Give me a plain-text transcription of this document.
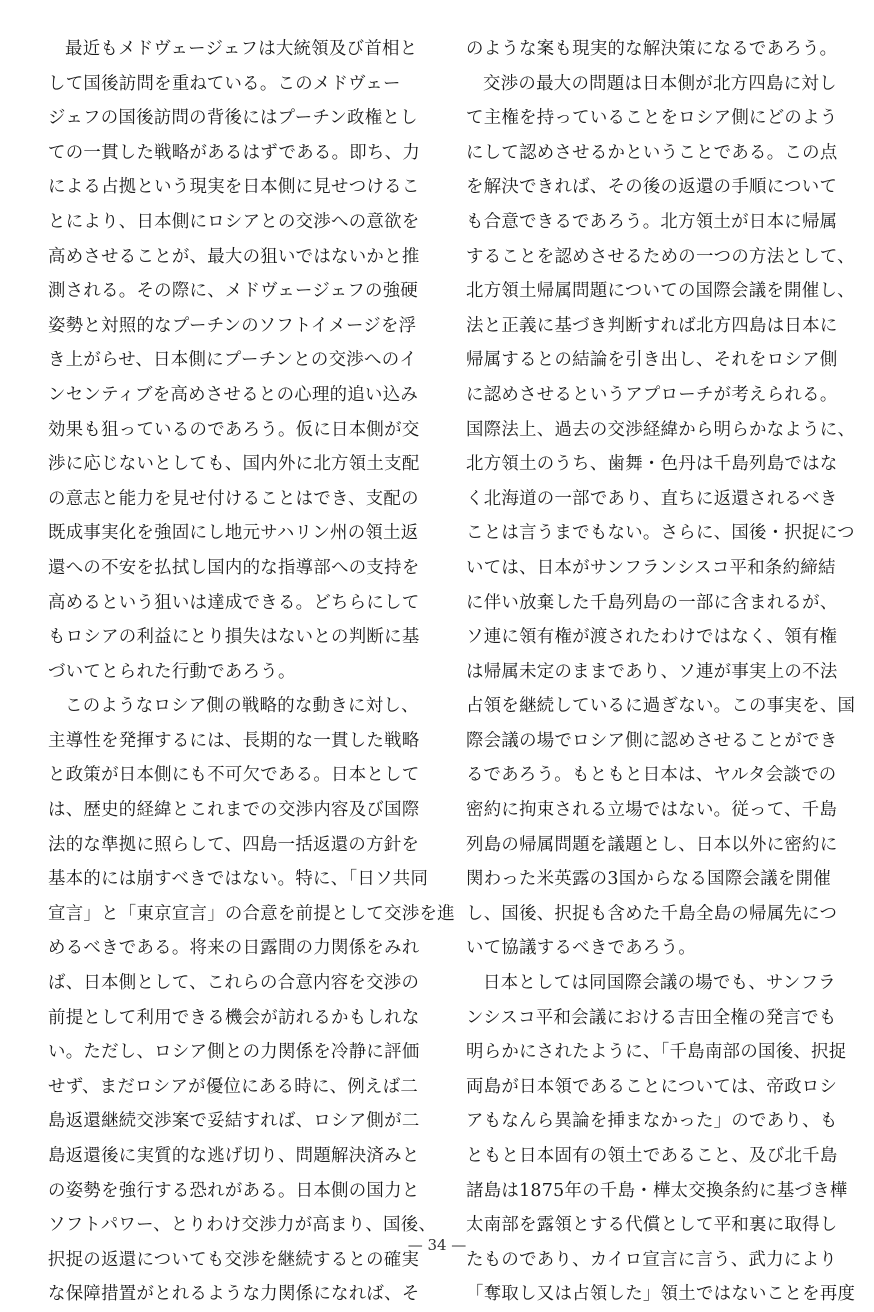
最近もメドヴェージェフは大統領及び首相と
して国後訪問を重ねている。このメドヴェー
ジェフの国後訪問の背後にはプーチン政権とし
ての一貫した戦略があるはずである。即ち、力
による占拠という現実を日本側に見せつけるこ
とにより、日本側にロシアとの交渉への意欲を
高めさせることが、最大の狙いではないかと推
測される。その際に、メドヴェージェフの強硬
姿勢と対照的なプーチンのソフトイメージを浮
き上がらせ、日本側にプーチンとの交渉へのイ
ンセンティブを高めさせるとの心理的追い込み
効果も狙っているのであろう。仮に日本側が交
渉に応じないとしても、国内外に北方領土支配
の意志と能力を見せ付けることはでき、支配の
既成事実化を強固にし地元サハリン州の領土返
還への不安を払拭し国内的な指導部への支持を
高めるという狙いは達成できる。どちらにして
もロシアの利益にとり損失はないとの判断に基
づいてとられた行動であろう。
このようなロシア側の戦略的な動きに対し、
主導性を発揮するには、長期的な一貫した戦略
と政策が日本側にも不可欠である。日本として
は、歴史的経緯とこれまでの交渉内容及び国際
法的な準拠に照らして、四島一括返還の方針を
基本的には崩すべきではない。特に、「日ソ共同
宣言」と「東京宣言」の合意を前提として交渉を進
めるべきである。将来の日露間の力関係をみれ
ば、日本側として、これらの合意内容を交渉の
前提として利用できる機会が訪れるかもしれな
い。ただし、ロシア側との力関係を冷静に評価
せず、まだロシアが優位にある時に、例えば二
島返還継続交渉案で妥結すれば、ロシア側が二
島返還後に実質的な逃げ切り、問題解決済みと
の姿勢を強行する恐れがある。日本側の国力と
ソフトパワー、とりわけ交渉力が高まり、国後、
択捉の返還についても交渉を継続するとの確実
な保障措置がとれるような力関係になれば、そ
のような案も現実的な解決策になるであろう。
交渉の最大の問題は日本側が北方四島に対し
て主権を持っていることをロシア側にどのよう
にして認めさせるかということである。この点
を解決できれば、その後の返還の手順について
も合意できるであろう。北方領土が日本に帰属
することを認めさせるための一つの方法として、
北方領土帰属問題についての国際会議を開催し、
法と正義に基づき判断すれば北方四島は日本に
帰属するとの結論を引き出し、それをロシア側
に認めさせるというアプローチが考えられる。
国際法上、過去の交渉経緯から明らかなように、
北方領土のうち、歯舞・色丹は千島列島ではな
く北海道の一部であり、直ちに返還されるべき
ことは言うまでもない。さらに、国後・択捉につ
いては、日本がサンフランシスコ平和条約締結
に伴い放棄した千島列島の一部に含まれるが、
ソ連に領有権が渡されたわけではなく、領有権
は帰属未定のままであり、ソ連が事実上の不法
占領を継続しているに過ぎない。この事実を、国
際会議の場でロシア側に認めさせることができ
るであろう。もともと日本は、ヤルタ会談での
密約に拘束される立場ではない。従って、千島
列島の帰属問題を議題とし、日本以外に密約に
関わった米英露の3国からなる国際会議を開催
し、国後、択捉も含めた千島全島の帰属先につ
いて協議するべきであろう。
日本としては同国際会議の場でも、サンフラ
ンシスコ平和会議における吉田全権の発言でも
明らかにされたように、「千島南部の国後、択捉
両島が日本領であることについては、帝政ロシ
アもなんら異論を挿まなかった」のであり、も
ともと日本固有の領土であること、及び北千島
諸島は1875年の千島・樺太交換条約に基づき樺
太南部を露領とする代償として平和裏に取得し
たものであり、カイロ宣言に言う、武力により
「奪取し又は占領した」領土ではないことを再度
— 34 —
